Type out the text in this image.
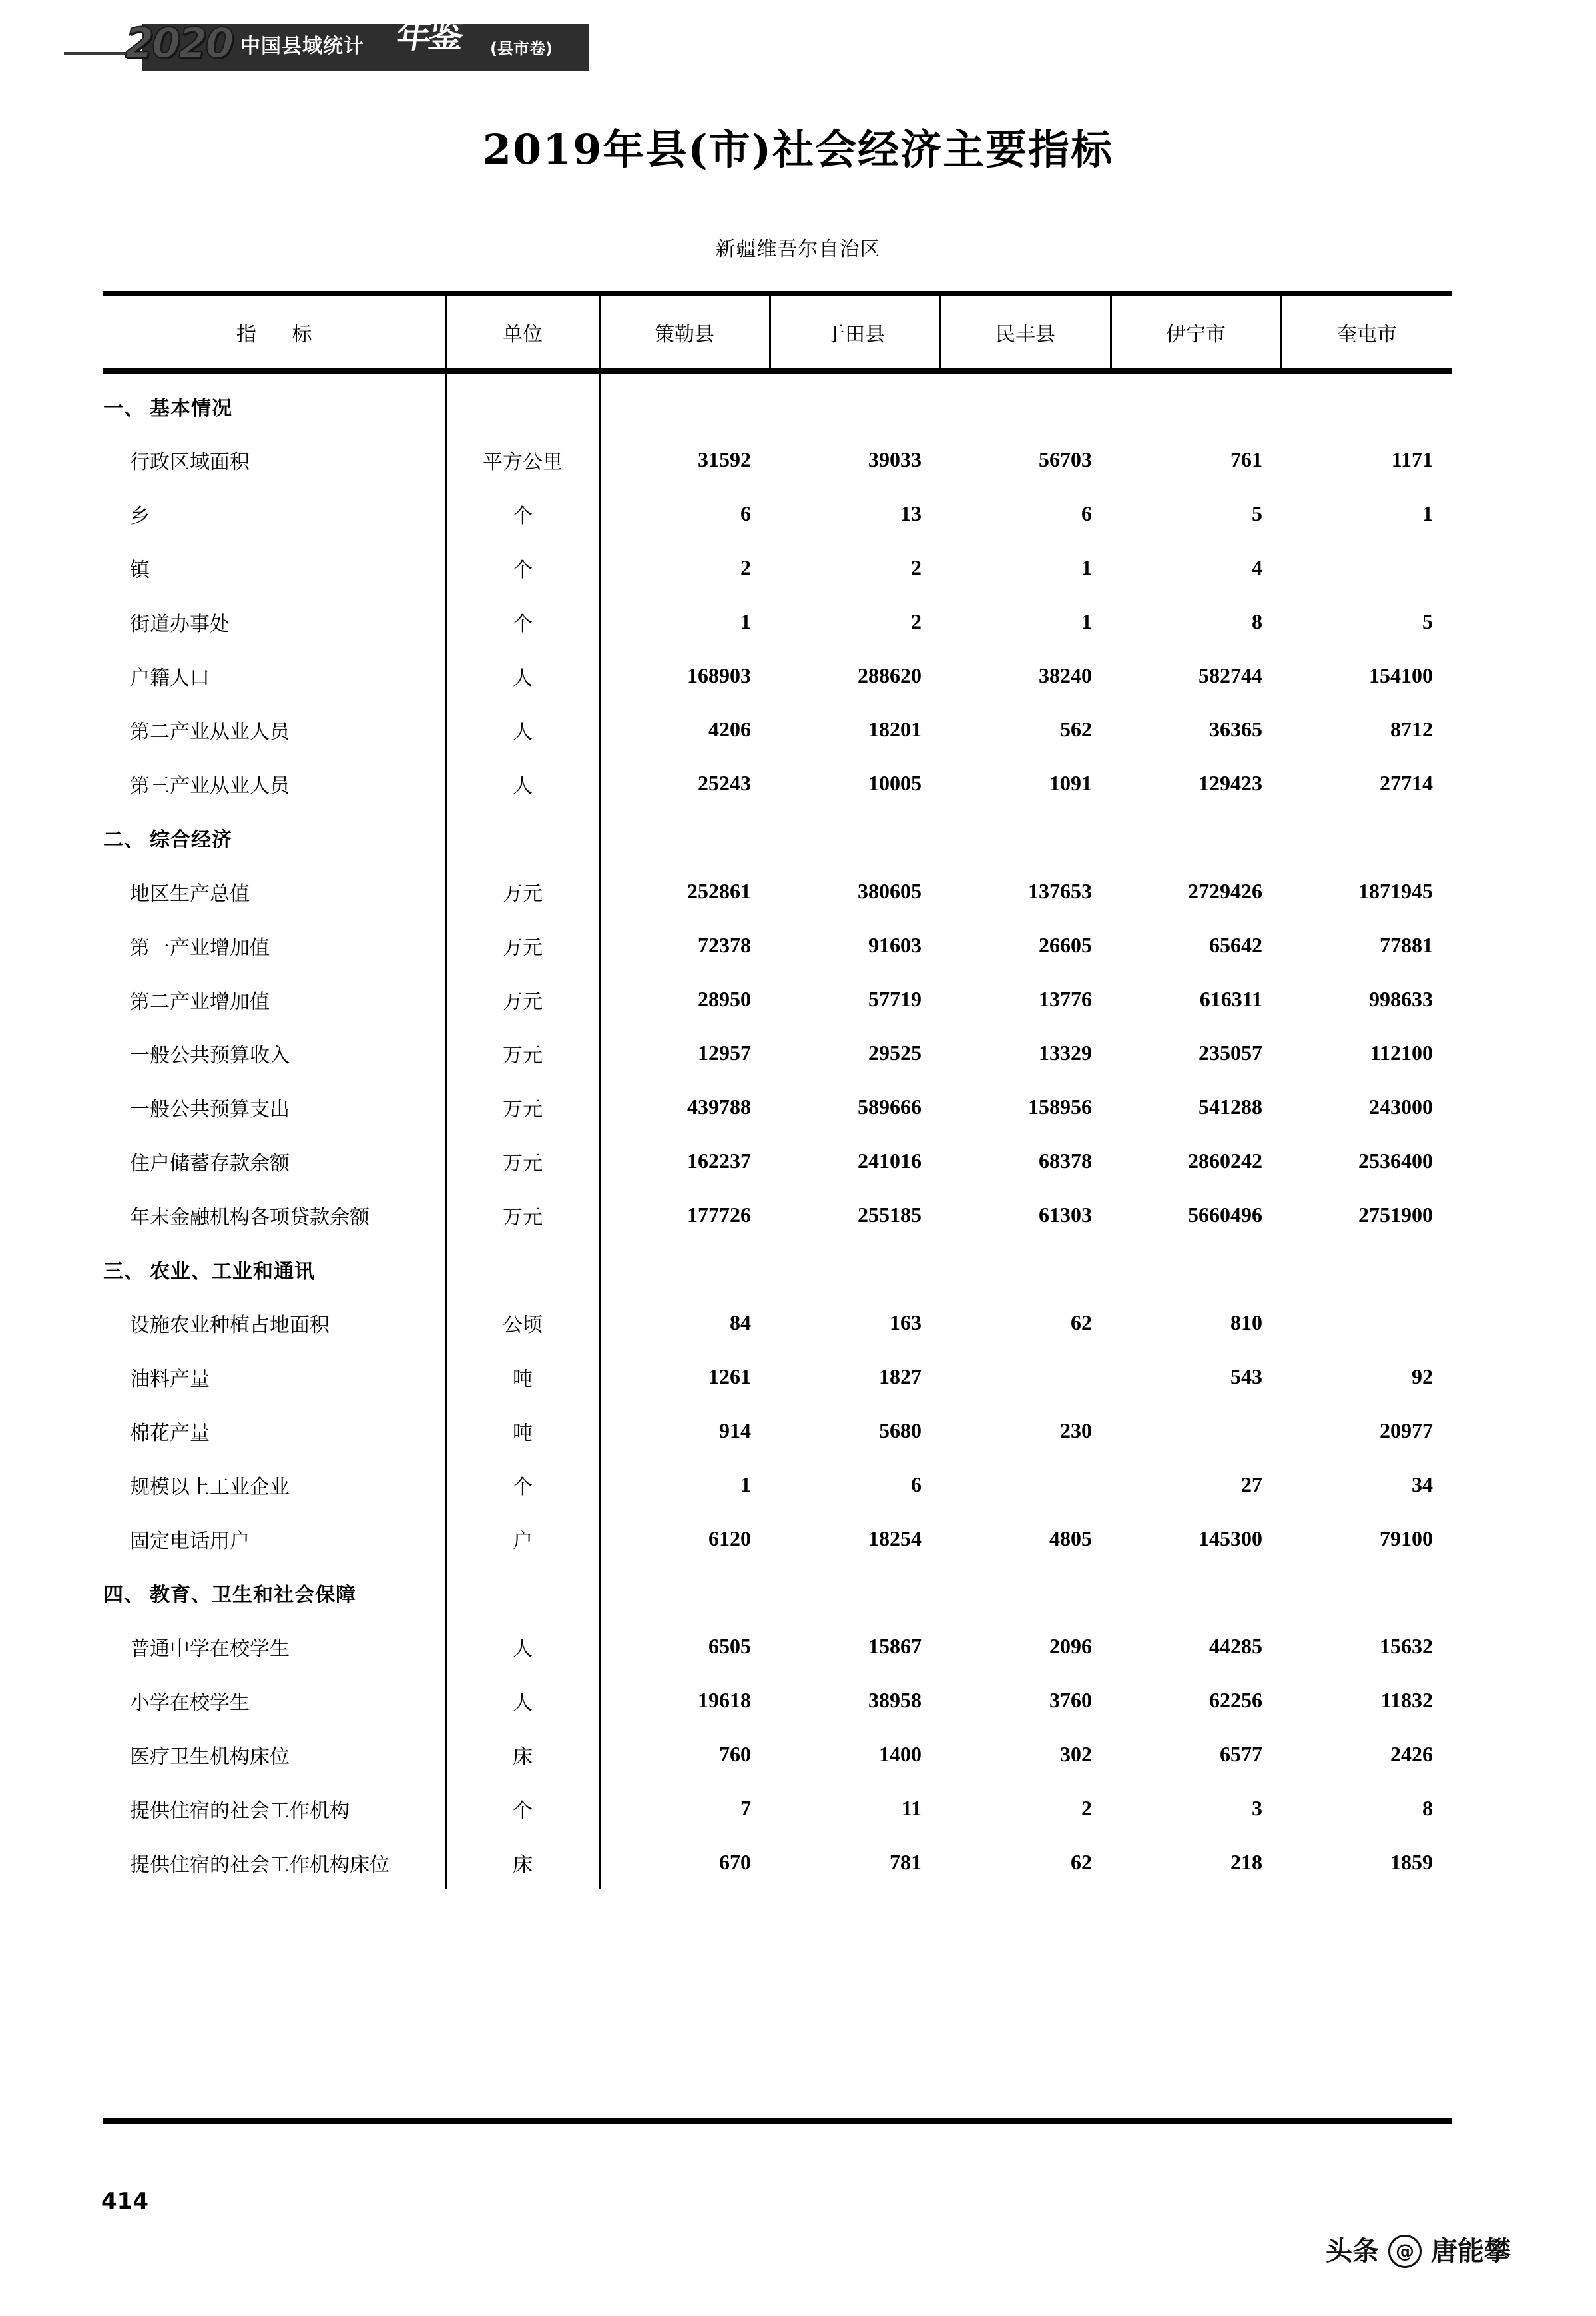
2020 中国县域统计 年鉴 (县市卷)
2019年县(市)社会经济主要指标
新疆维吾尔自治区
指 标	单位	策勒县	于田县	民丰县	伊宁市	奎屯市
一、 基本情况						
行政区域面积	平方公里	31592	39033	56703	761	1171
乡	个	6	13	6	5	1
镇	个	2	2	1	4	
街道办事处	个	1	2	1	8	5
户籍人口	人	168903	288620	38240	582744	154100
第二产业从业人员	人	4206	18201	562	36365	8712
第三产业从业人员	人	25243	10005	1091	129423	27714
二、 综合经济						
地区生产总值	万元	252861	380605	137653	2729426	1871945
第一产业增加值	万元	72378	91603	26605	65642	77881
第二产业增加值	万元	28950	57719	13776	616311	998633
一般公共预算收入	万元	12957	29525	13329	235057	112100
一般公共预算支出	万元	439788	589666	158956	541288	243000
住户储蓄存款余额	万元	162237	241016	68378	2860242	2536400
年末金融机构各项贷款余额	万元	177726	255185	61303	5660496	2751900
三、 农业、工业和通讯						
设施农业种植占地面积	公顷	84	163	62	810	
油料产量	吨	1261	1827		543	92
棉花产量	吨	914	5680	230		20977
规模以上工业企业	个	1	6		27	34
固定电话用户	户	6120	18254	4805	145300	79100
四、 教育、卫生和社会保障						
普通中学在校学生	人	6505	15867	2096	44285	15632
小学在校学生	人	19618	38958	3760	62256	11832
医疗卫生机构床位	床	760	1400	302	6577	2426
提供住宿的社会工作机构	个	7	11	2	3	8
提供住宿的社会工作机构床位	床	670	781	62	218	1859
414
头条 @ 唐能攀
